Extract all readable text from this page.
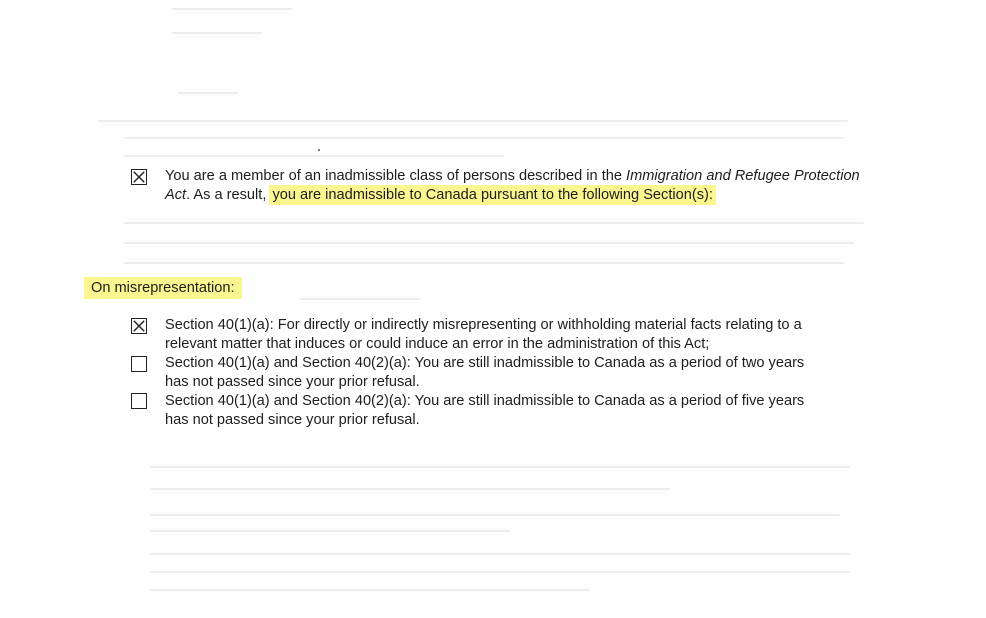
You are a member of an inadmissible class of persons described in the Immigration and Refugee Protection Act. As a result, you are inadmissible to Canada pursuant to the following Section(s):
On misrepresentation:
Section 40(1)(a): For directly or indirectly misrepresenting or withholding material facts relating to a
relevant matter that induces or could induce an error in the administration of this Act;
Section 40(1)(a) and Section 40(2)(a): You are still inadmissible to Canada as a period of two years
has not passed since your prior refusal.
Section 40(1)(a) and Section 40(2)(a): You are still inadmissible to Canada as a period of five years
has not passed since your prior refusal.
